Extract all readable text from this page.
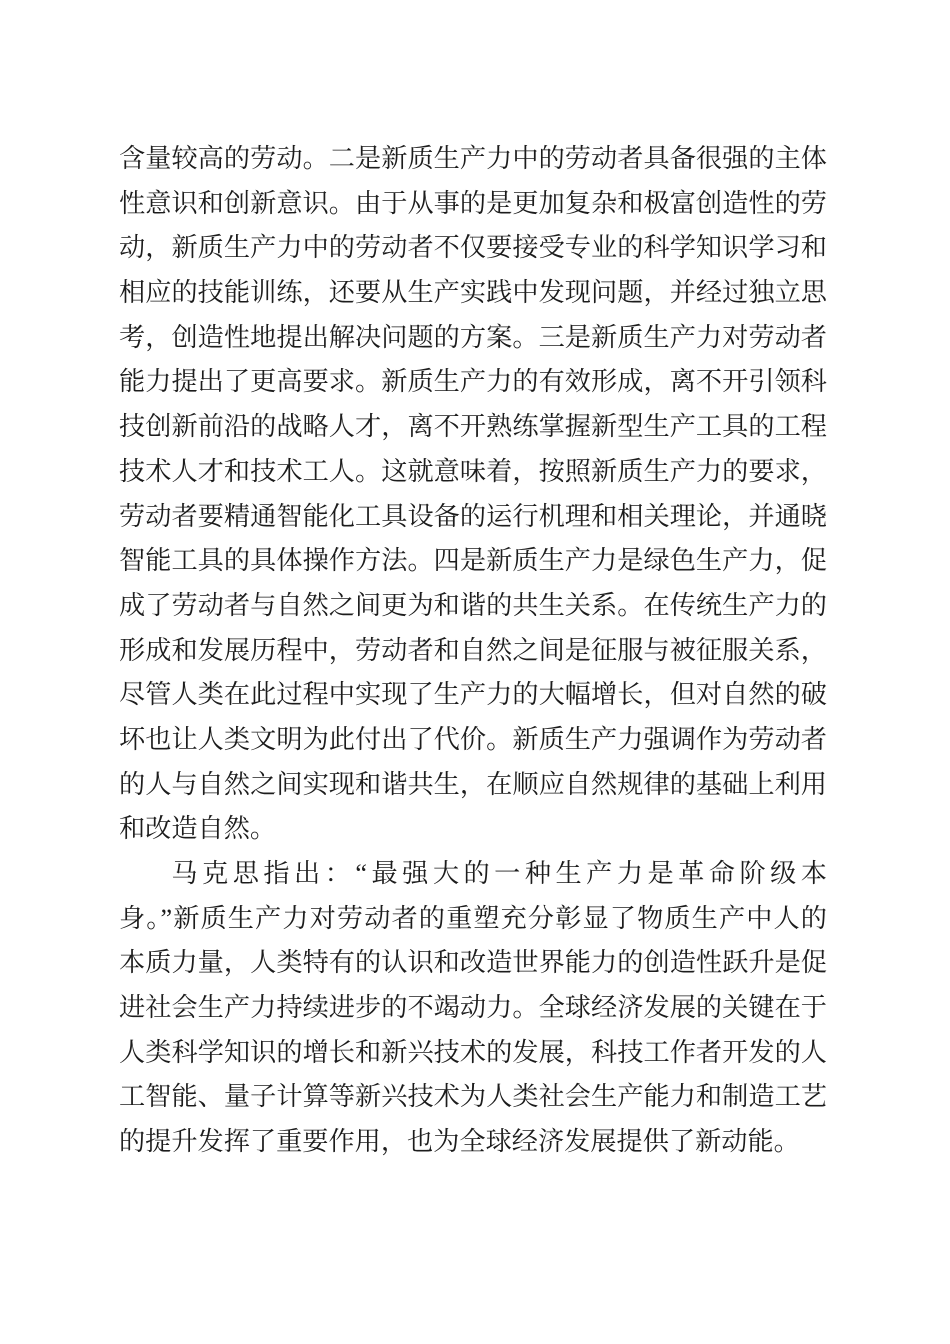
含量较高的劳动。二是新质生产力中的劳动者具备很强的主体
性意识和创新意识。由于从事的是更加复杂和极富创造性的劳
动，新质生产力中的劳动者不仅要接受专业的科学知识学习和
相应的技能训练，还要从生产实践中发现问题，并经过独立思
考，创造性地提出解决问题的方案。三是新质生产力对劳动者
能力提出了更高要求。新质生产力的有效形成，离不开引领科
技创新前沿的战略人才，离不开熟练掌握新型生产工具的工程
技术人才和技术工人。这就意味着，按照新质生产力的要求，
劳动者要精通智能化工具设备的运行机理和相关理论，并通晓
智能工具的具体操作方法。四是新质生产力是绿色生产力，促
成了劳动者与自然之间更为和谐的共生关系。在传统生产力的
形成和发展历程中，劳动者和自然之间是征服与被征服关系，
尽管人类在此过程中实现了生产力的大幅增长，但对自然的破
坏也让人类文明为此付出了代价。新质生产力强调作为劳动者
的人与自然之间实现和谐共生，在顺应自然规律的基础上利用
和改造自然。
马克思指出：“最强大的一种生产力是革命阶级本
身。”新质生产力对劳动者的重塑充分彰显了物质生产中人的
本质力量，人类特有的认识和改造世界能力的创造性跃升是促
进社会生产力持续进步的不竭动力。全球经济发展的关键在于
人类科学知识的增长和新兴技术的发展，科技工作者开发的人
工智能、量子计算等新兴技术为人类社会生产能力和制造工艺
的提升发挥了重要作用，也为全球经济发展提供了新动能。
